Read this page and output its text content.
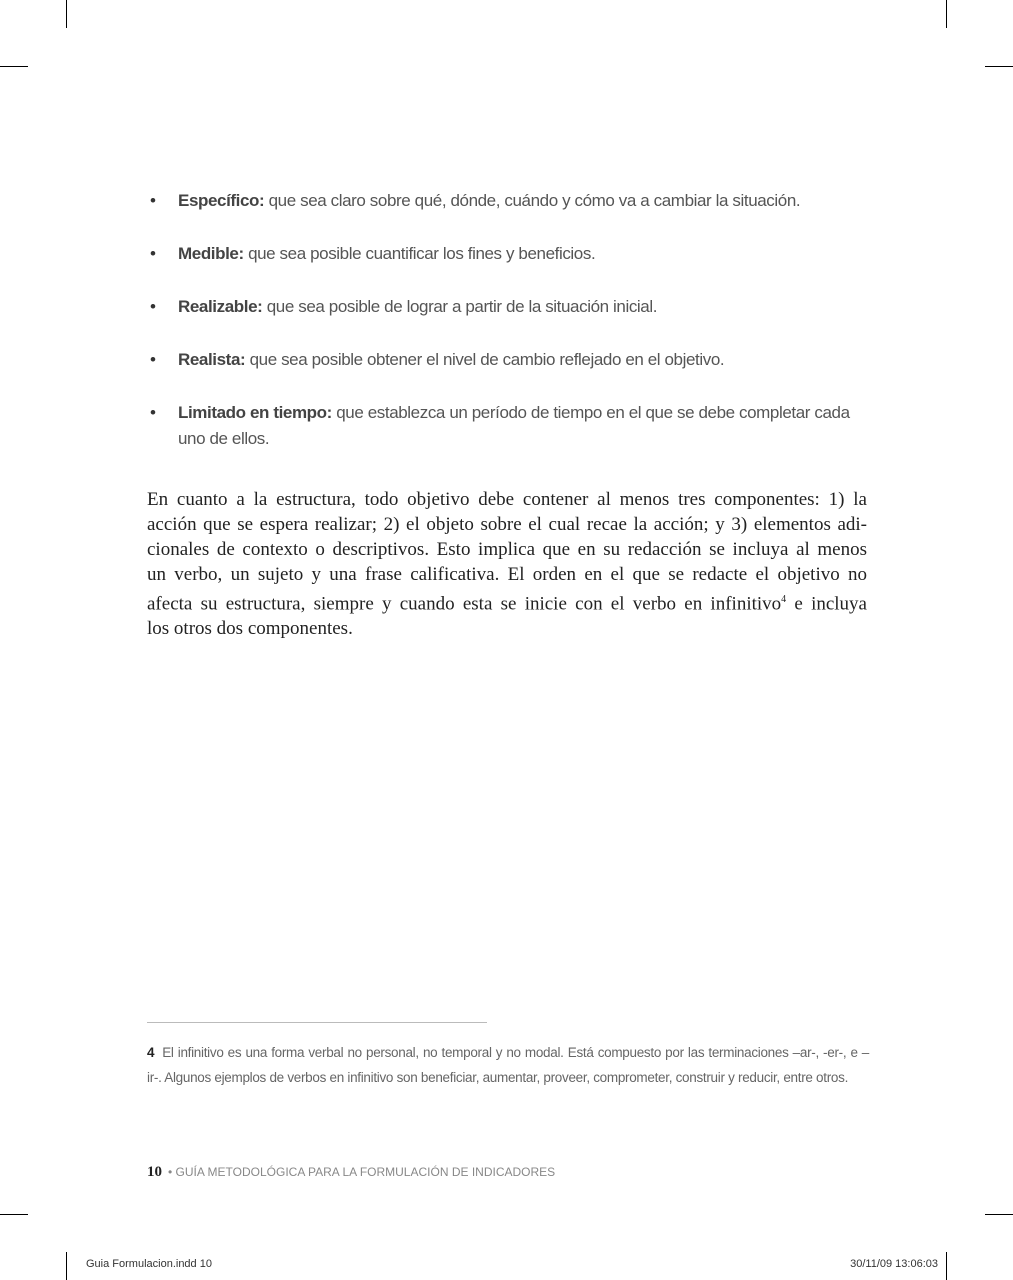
• Específico: que sea claro sobre qué, dónde, cuándo y cómo va a cambiar la situación.
• Medible: que sea posible cuantificar los fines y beneficios.
• Realizable: que sea posible de lograr a partir de la situación inicial.
• Realista: que sea posible obtener el nivel de cambio reflejado en el objetivo.
• Limitado en tiempo: que establezca un período de tiempo en el que se debe completar cada uno de ellos.
En cuanto a la estructura, todo objetivo debe contener al menos tres componentes: 1) la
acción que se espera realizar; 2) el objeto sobre el cual recae la acción; y 3) elementos adi-
cionales de contexto o descriptivos. Esto implica que en su redacción se incluya al menos
un verbo, un sujeto y una frase calificativa. El orden en el que se redacte el objetivo no
afecta su estructura, siempre y cuando esta se inicie con el verbo en infinitivo$^4$ e incluya
los otros dos componentes.
4 El infinitivo es una forma verbal no personal, no temporal y no modal. Está compuesto por las terminaciones –ar-, -er-, e –ir-. Algunos ejemplos de verbos en infinitivo son beneficiar, aumentar, proveer, comprometer, construir y reducir, entre otros.
10 • GUÍA METODOLÓGICA PARA LA FORMULACIÓN DE INDICADORES
Guia Formulacion.indd 10	30/11/09 13:06:03
